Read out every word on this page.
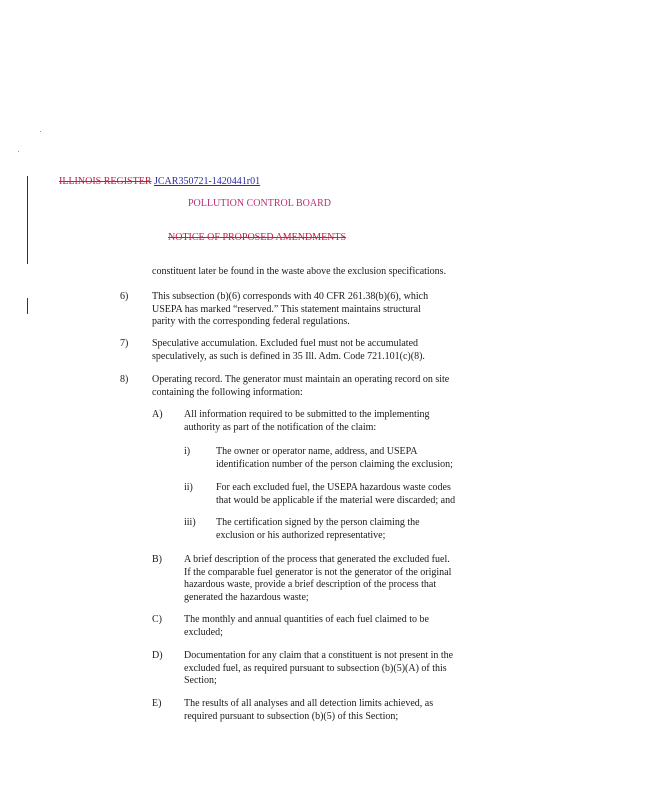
ILLINOIS REGISTER JCAR350721-1420441r01
POLLUTION CONTROL BOARD
NOTICE OF PROPOSED AMENDMENTS
constituent later be found in the waste above the exclusion specifications.
6) This subsection (b)(6) corresponds with 40 CFR 261.38(b)(6), which
USEPA has marked “reserved.” This statement maintains structural
parity with the corresponding federal regulations.
7) Speculative accumulation. Excluded fuel must not be accumulated
speculatively, as such is defined in 35 Ill. Adm. Code 721.101(c)(8).
8) Operating record. The generator must maintain an operating record on site
containing the following information:
A) All information required to be submitted to the implementing
authority as part of the notification of the claim:
i)	The owner or operator name, address, and USEPA
identification number of the person claiming the exclusion;
ii) For each excluded fuel, the USEPA hazardous waste codes
that would be applicable if the material were discarded; and
iii) The certification signed by the person claiming the
exclusion or his authorized representative;
B) A brief description of the process that generated the excluded fuel.
If the comparable fuel generator is not the generator of the original
hazardous waste, provide a brief description of the process that
generated the hazardous waste;
C) The monthly and annual quantities of each fuel claimed to be
excluded;
D) Documentation for any claim that a constituent is not present in the
excluded fuel, as required pursuant to subsection (b)(5)(A) of this
Section;
E) The results of all analyses and all detection limits achieved, as
required pursuant to subsection (b)(5) of this Section;
